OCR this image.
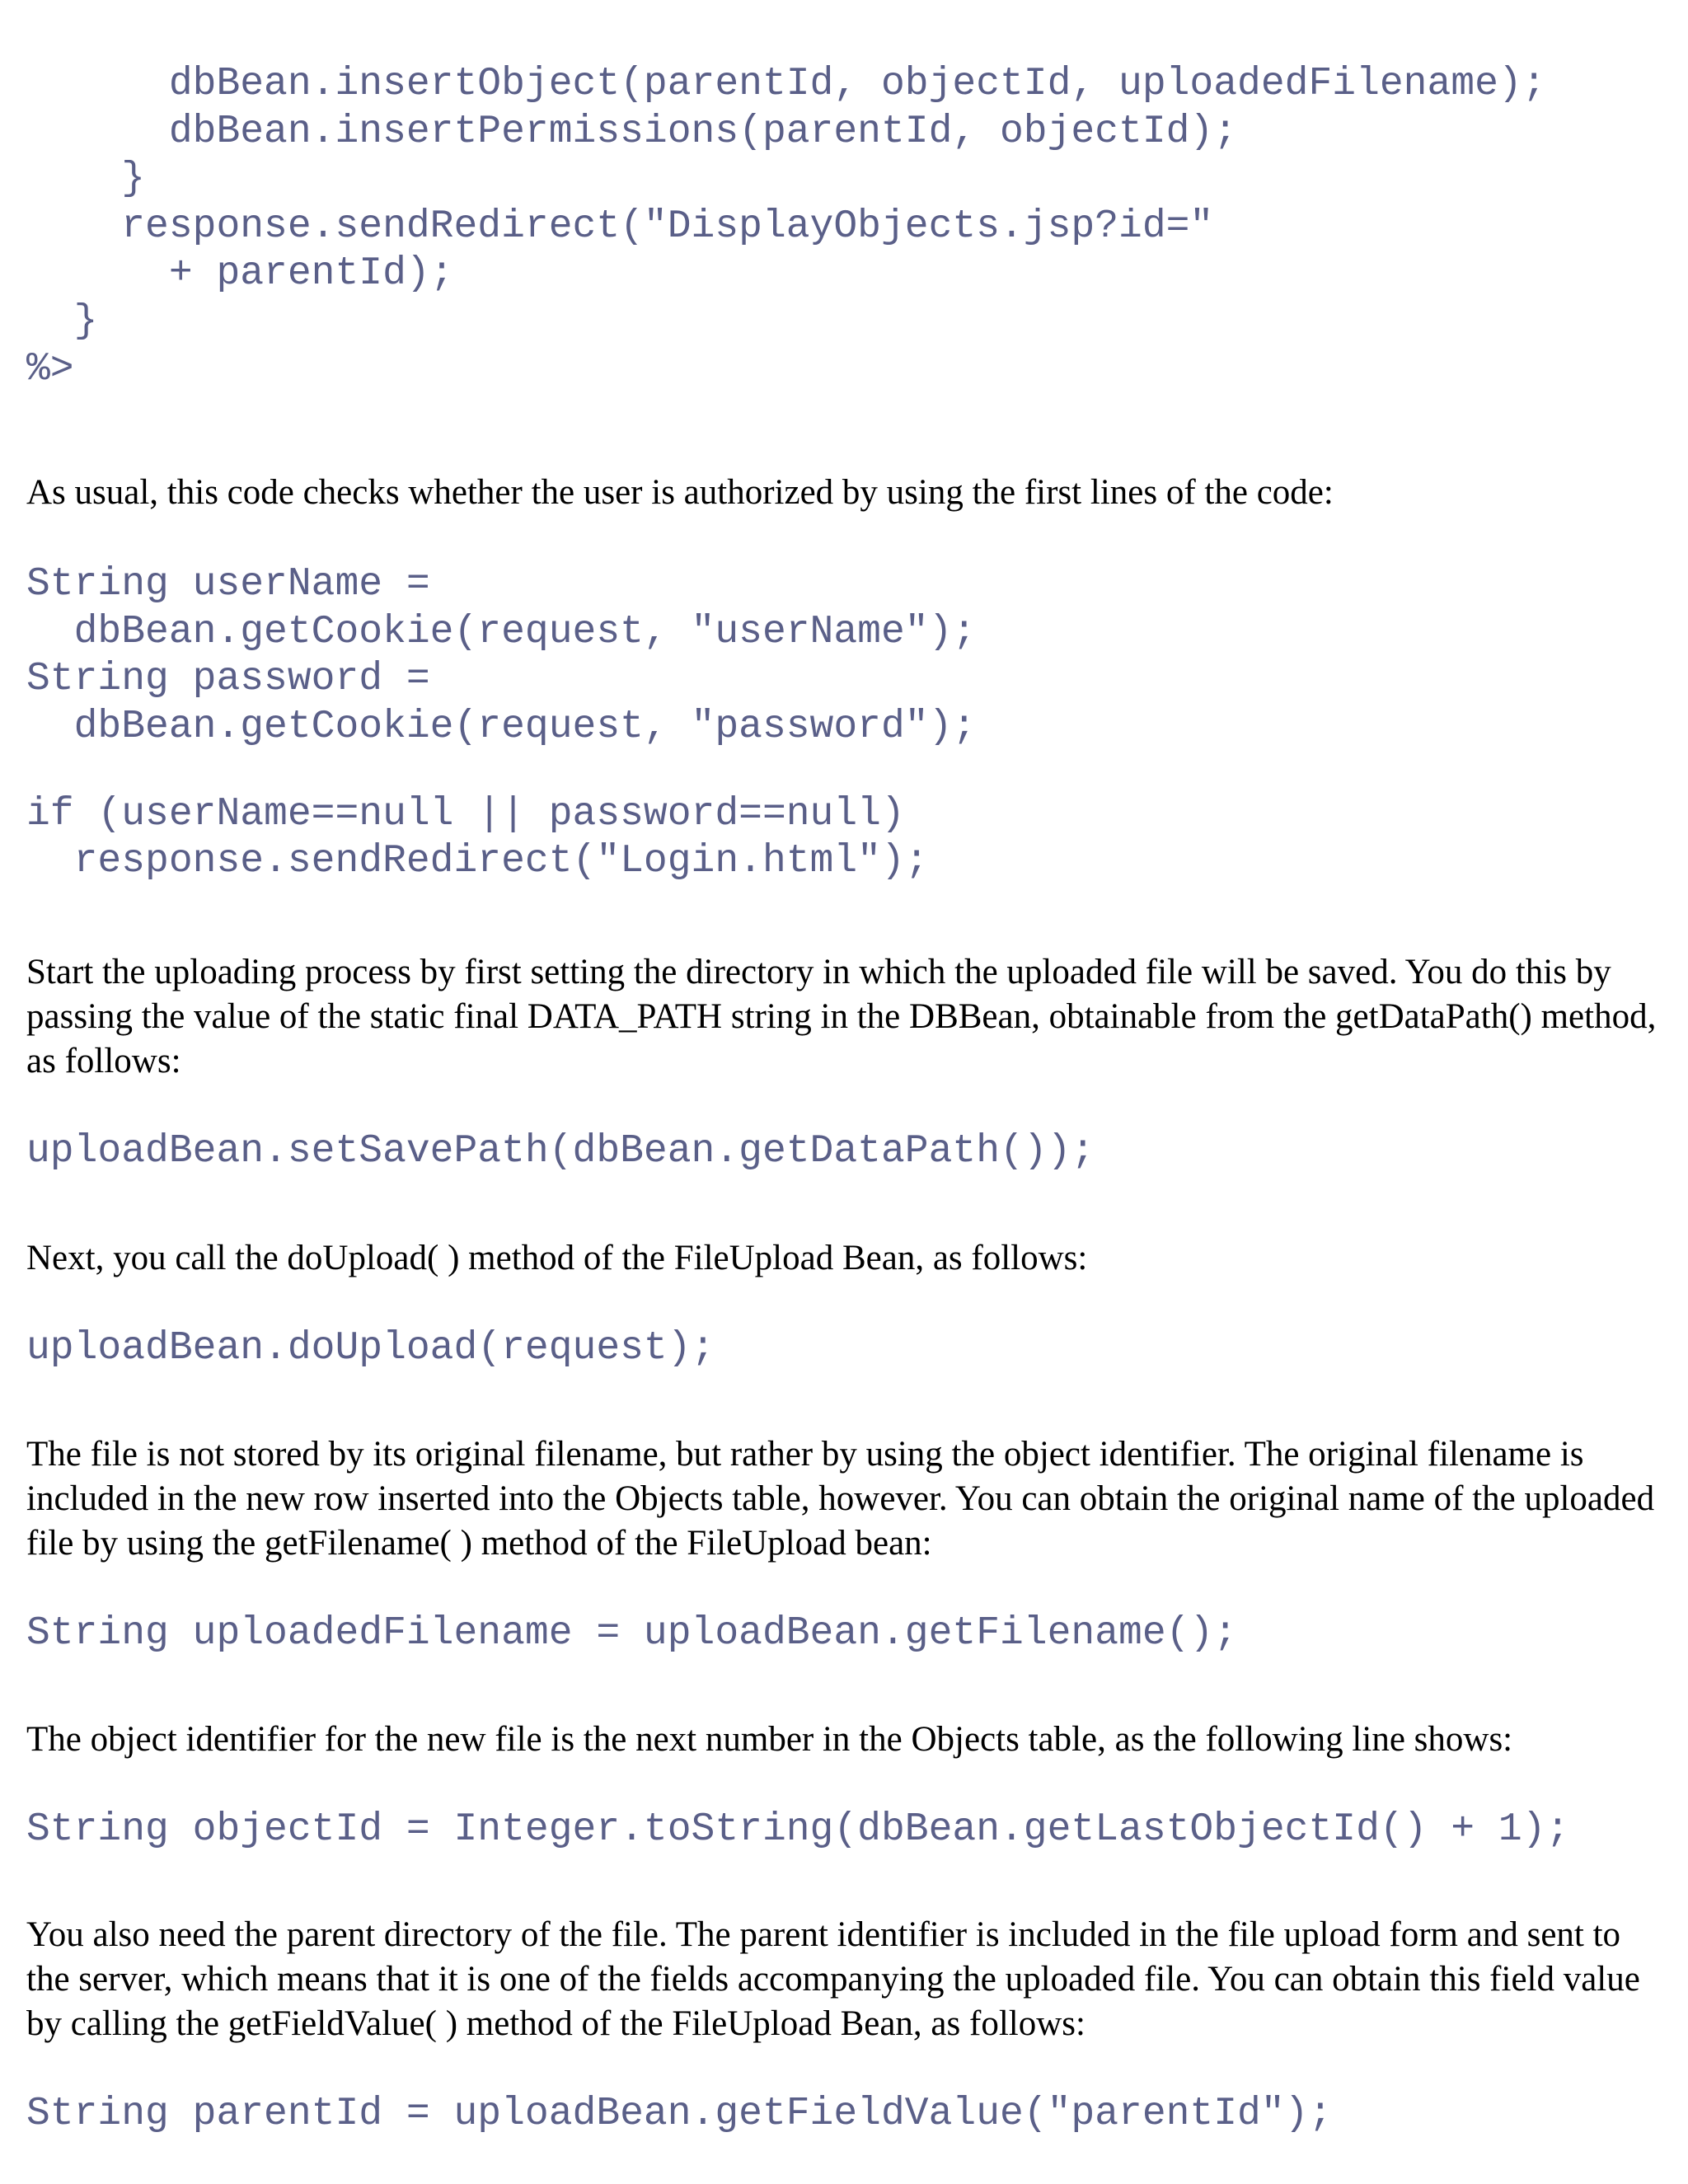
dbBean.insertObject(parentId, objectId, uploadedFilename);
dbBean.insertPermissions(parentId, objectId);
}
response.sendRedirect("DisplayObjects.jsp?id="
+ parentId);
}
%>

As usual, this code checks whether the user is authorized by using the first lines of the code:

String userName =
dbBean.getCookie(request, "userName");
String password =
dbBean.getCookie(request, "password");
if (userName==null || password==null)
response.sendRedirect("Login.html");

Start the uploading process by first setting the directory in which the uploaded file will be saved. You do this by passing the value of the static final DATA_PATH string in the DBBean, obtainable from the getDataPath() method, as follows:

uploadBean.setSavePath(dbBean.getDataPath());

Next, you call the doUpload( ) method of the FileUpload Bean, as follows:

uploadBean.doUpload(request);

The file is not stored by its original filename, but rather by using the object identifier. The original filename is included in the new row inserted into the Objects table, however. You can obtain the original name of the uploaded file by using the getFilename( ) method of the FileUpload bean:

String uploadedFilename = uploadBean.getFilename();

The object identifier for the new file is the next number in the Objects table, as the following line shows:

String objectId = Integer.toString(dbBean.getLastObjectId() + 1);

You also need the parent directory of the file. The parent identifier is included in the file upload form and sent to the server, which means that it is one of the fields accompanying the uploaded file. You can obtain this field value by calling the getFieldValue( ) method of the FileUpload Bean, as follows:

String parentId = uploadBean.getFieldValue("parentId");
